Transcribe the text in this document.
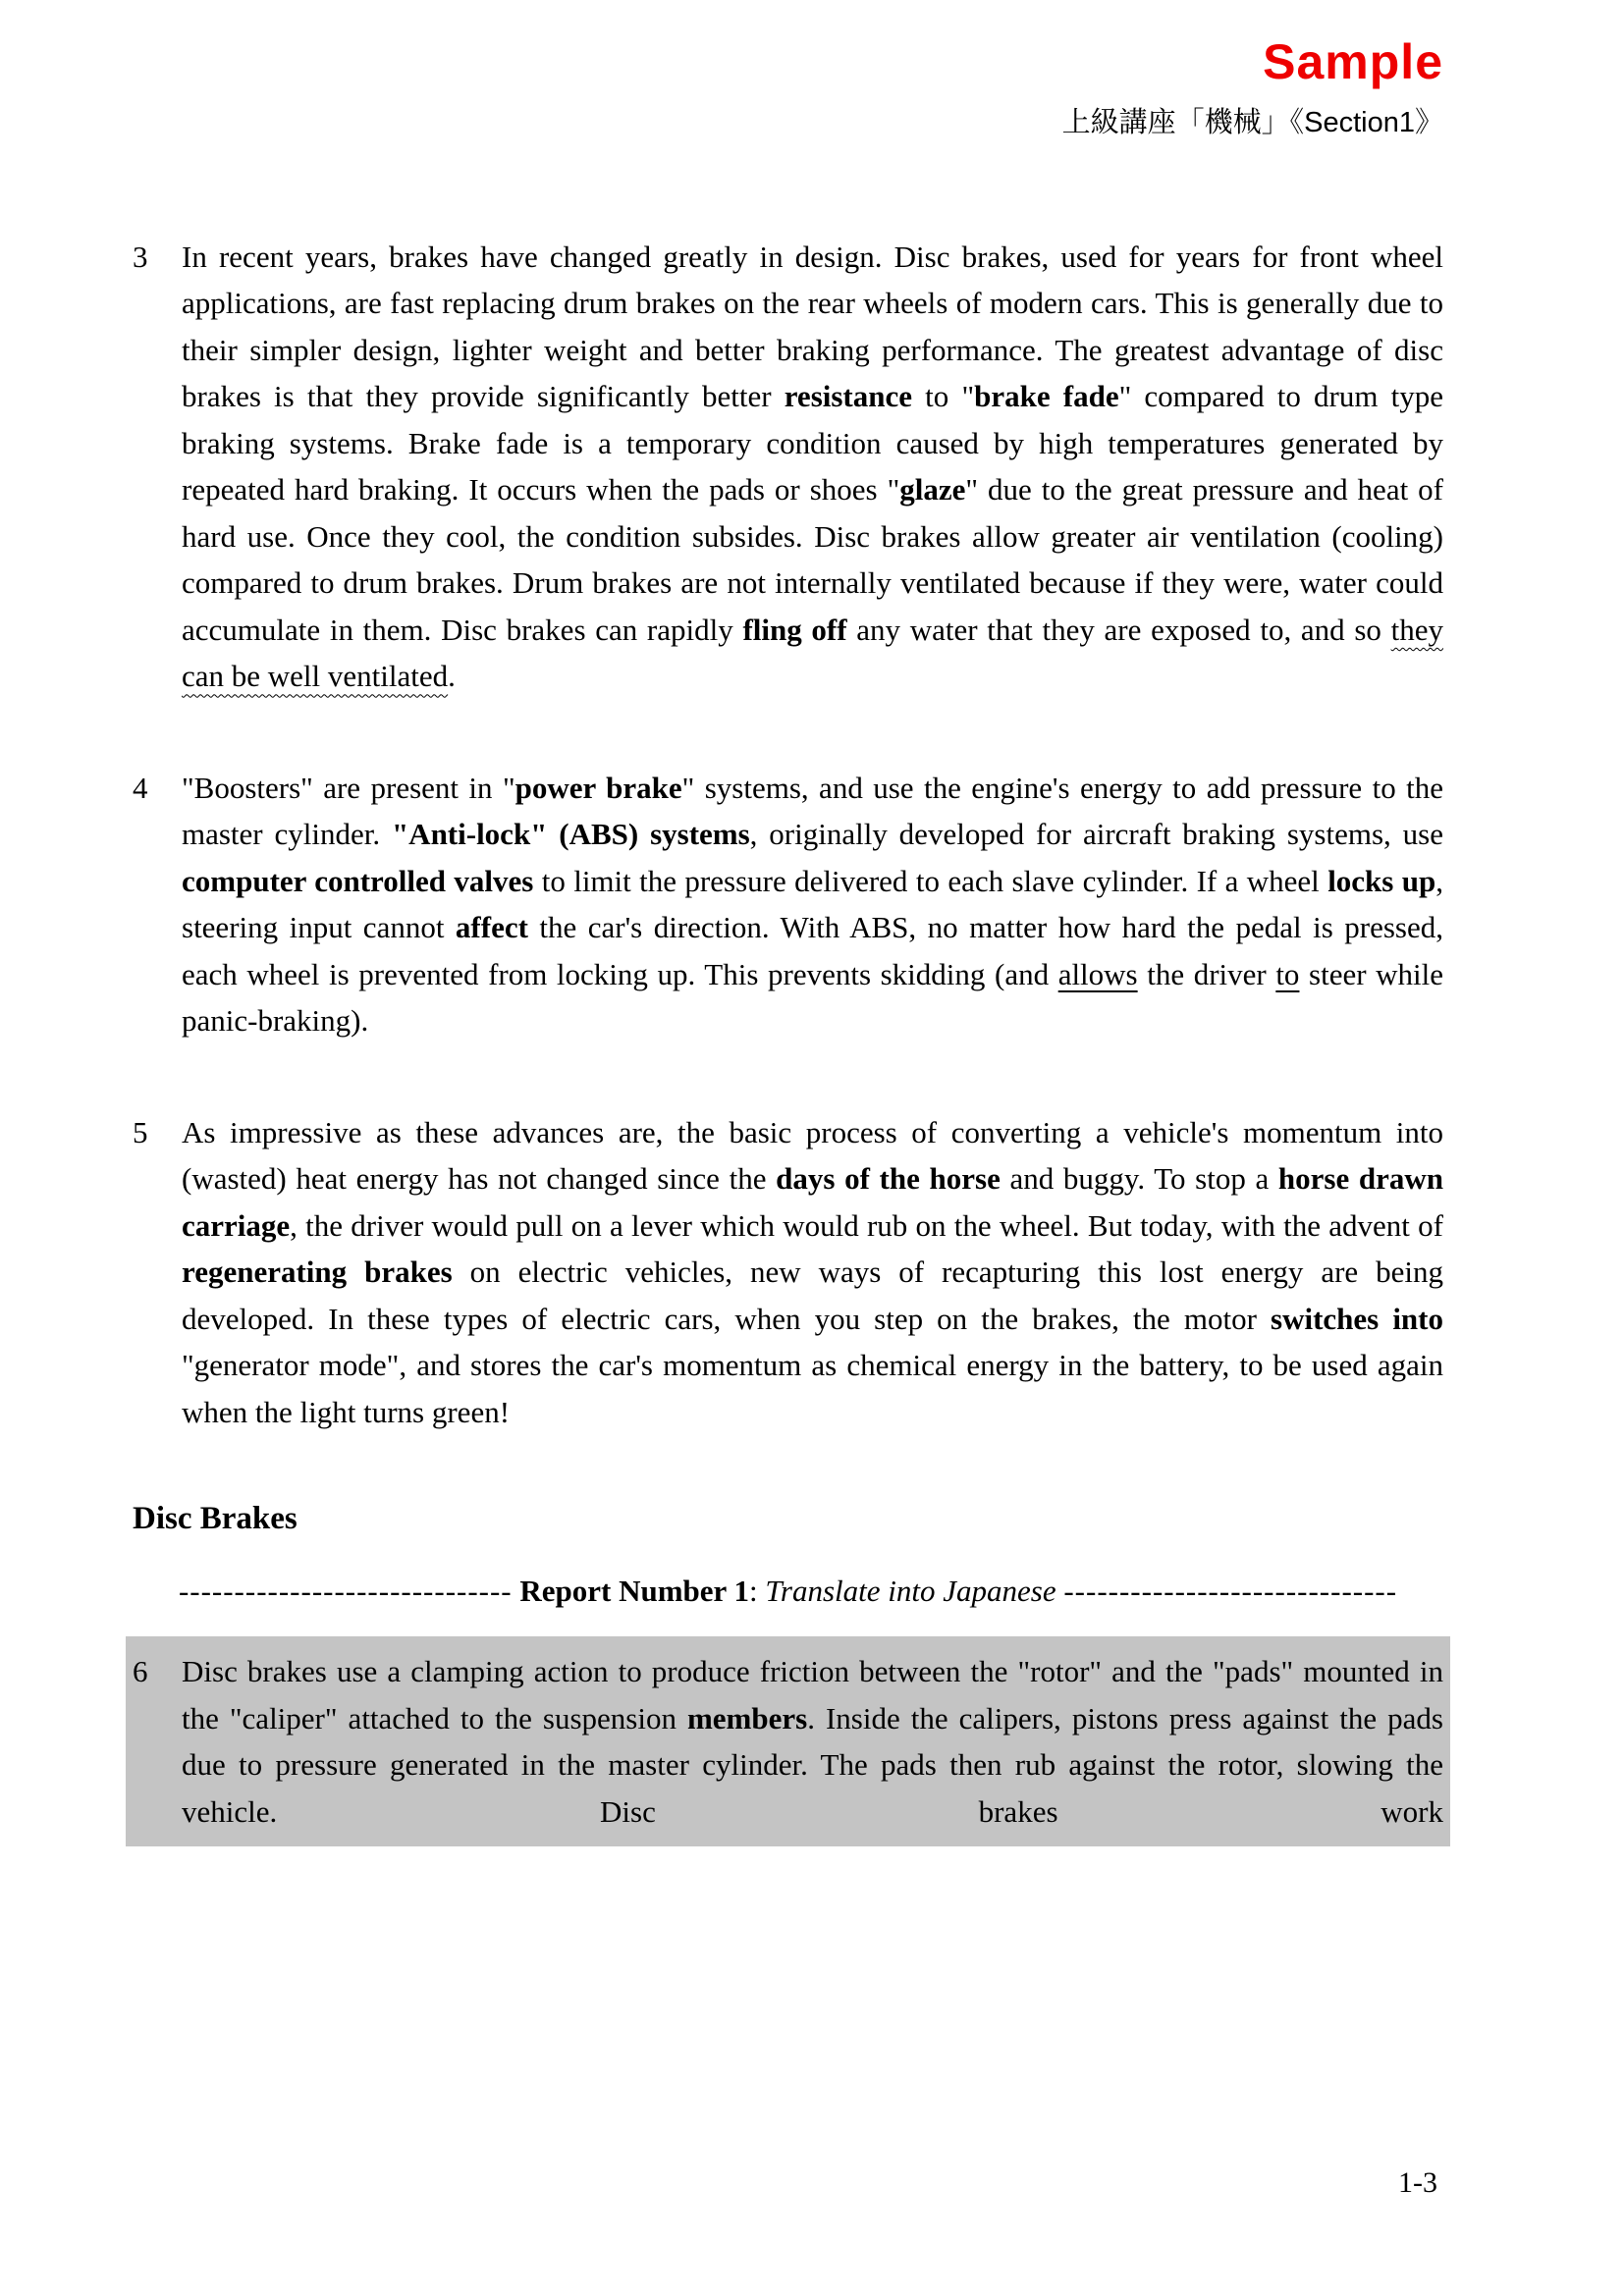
Sample
上級講座「機械」《Section1》
3	In recent years, brakes have changed greatly in design. Disc brakes, used for years for front wheel applications, are fast replacing drum brakes on the rear wheels of modern cars. This is generally due to their simpler design, lighter weight and better braking performance. The greatest advantage of disc brakes is that they provide significantly better resistance to "brake fade" compared to drum type braking systems. Brake fade is a temporary condition caused by high temperatures generated by repeated hard braking. It occurs when the pads or shoes "glaze" due to the great pressure and heat of hard use. Once they cool, the condition subsides. Disc brakes allow greater air ventilation (cooling) compared to drum brakes. Drum brakes are not internally ventilated because if they were, water could accumulate in them. Disc brakes can rapidly fling off any water that they are exposed to, and so they can be well ventilated.
4	"Boosters" are present in "power brake" systems, and use the engine's energy to add pressure to the master cylinder. "Anti-lock" (ABS) systems, originally developed for aircraft braking systems, use computer controlled valves to limit the pressure delivered to each slave cylinder. If a wheel locks up, steering input cannot affect the car's direction. With ABS, no matter how hard the pedal is pressed, each wheel is prevented from locking up. This prevents skidding (and allows the driver to steer while panic-braking).
5	As impressive as these advances are, the basic process of converting a vehicle's momentum into (wasted) heat energy has not changed since the days of the horse and buggy. To stop a horse drawn carriage, the driver would pull on a lever which would rub on the wheel. But today, with the advent of regenerating brakes on electric vehicles, new ways of recapturing this lost energy are being developed. In these types of electric cars, when you step on the brakes, the motor switches into "generator mode", and stores the car's momentum as chemical energy in the battery, to be used again when the light turns green!
Disc Brakes
------------------------------ Report Number 1: Translate into Japanese ------------------------------
6	Disc brakes use a clamping action to produce friction between the "rotor" and the "pads" mounted in the "caliper" attached to the suspension members. Inside the calipers, pistons press against the pads due to pressure generated in the master cylinder. The pads then rub against the rotor, slowing the vehicle. Disc brakes work
1-3
